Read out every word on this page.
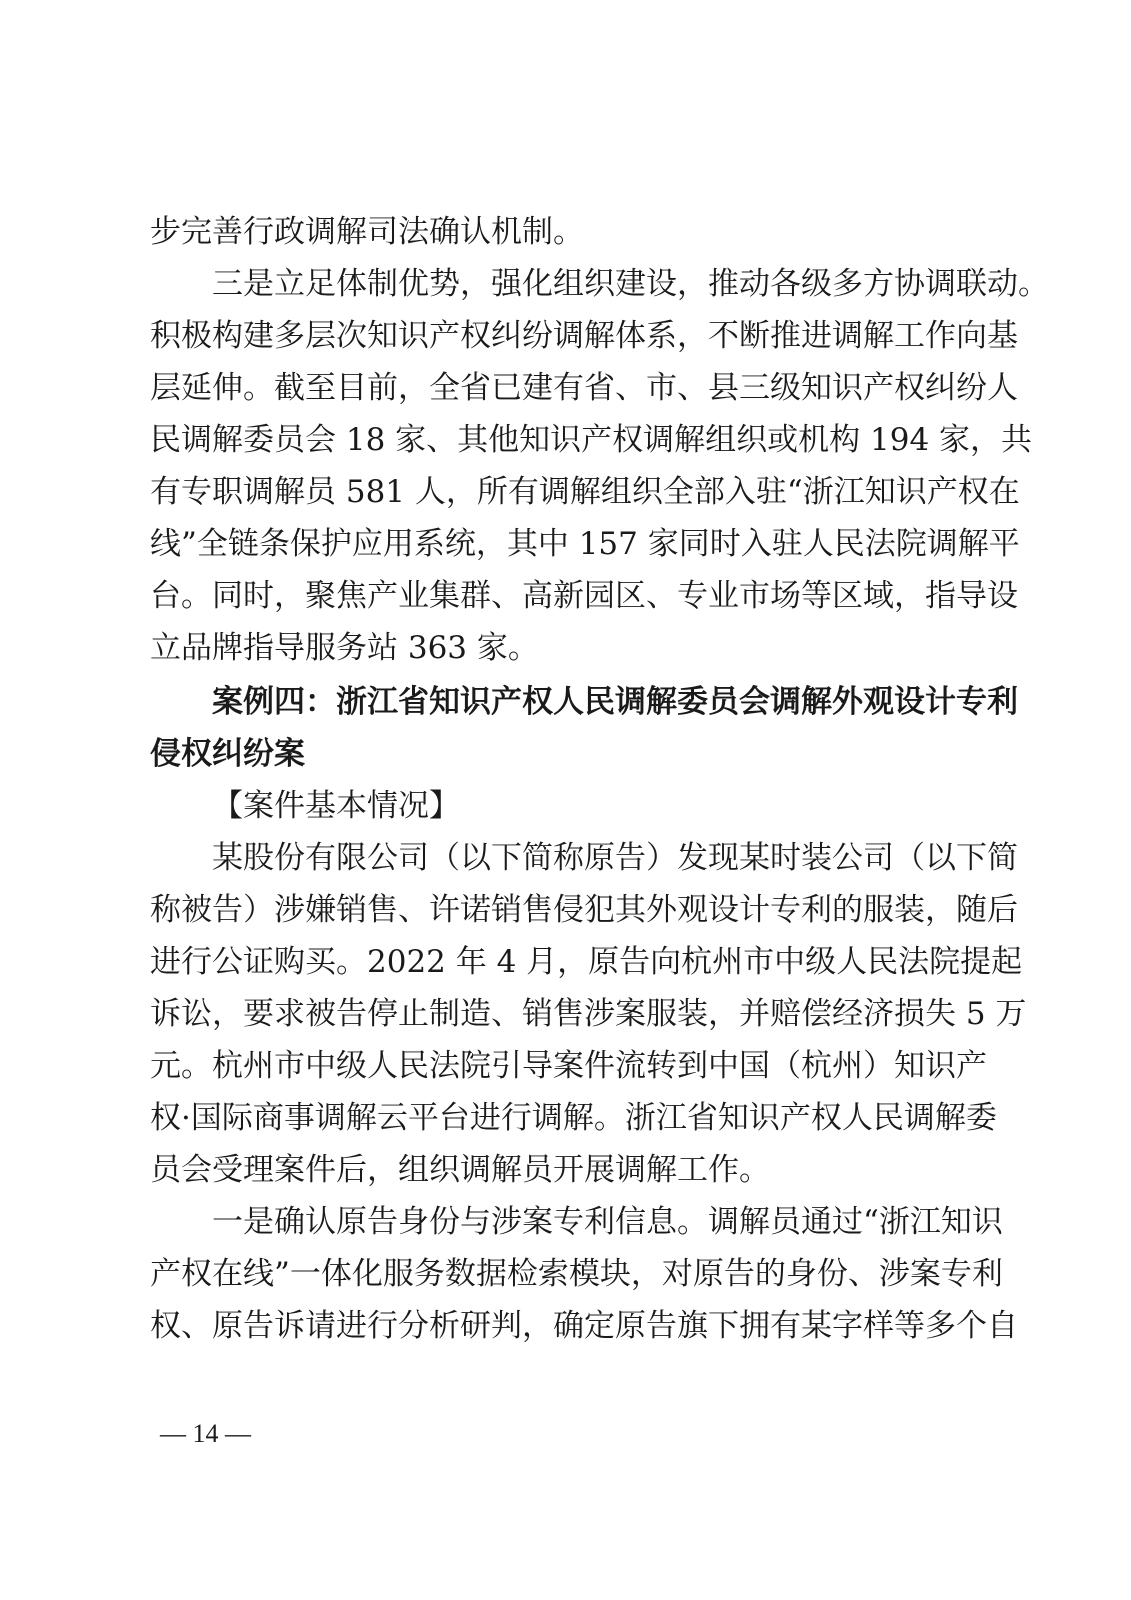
步完善行政调解司法确认机制。

三是立足体制优势，强化组织建设，推动各级多方协调联动。

积极构建多层次知识产权纠纷调解体系，不断推进调解工作向基

层延伸。截至目前，全省已建有省、市、县三级知识产权纠纷人

民调解委员会 18 家、其他知识产权调解组织或机构 194 家，共

有专职调解员 581 人，所有调解组织全部入驻“浙江知识产权在

线”全链条保护应用系统，其中 157 家同时入驻人民法院调解平

台。同时，聚焦产业集群、高新园区、专业市场等区域，指导设

立品牌指导服务站 363 家。

案例四：浙江省知识产权人民调解委员会调解外观设计专利

侵权纠纷案

【案件基本情况】

某股份有限公司（以下简称原告）发现某时装公司（以下简

称被告）涉嫌销售、许诺销售侵犯其外观设计专利的服装，随后

进行公证购买。2022 年 4 月，原告向杭州市中级人民法院提起

诉讼，要求被告停止制造、销售涉案服装，并赔偿经济损失 5 万

元。杭州市中级人民法院引导案件流转到中国（杭州）知识产

权·国际商事调解云平台进行调解。浙江省知识产权人民调解委

员会受理案件后，组织调解员开展调解工作。

一是确认原告身份与涉案专利信息。调解员通过“浙江知识

产权在线”一体化服务数据检索模块，对原告的身份、涉案专利

权、原告诉请进行分析研判，确定原告旗下拥有某字样等多个自

— 14 —
